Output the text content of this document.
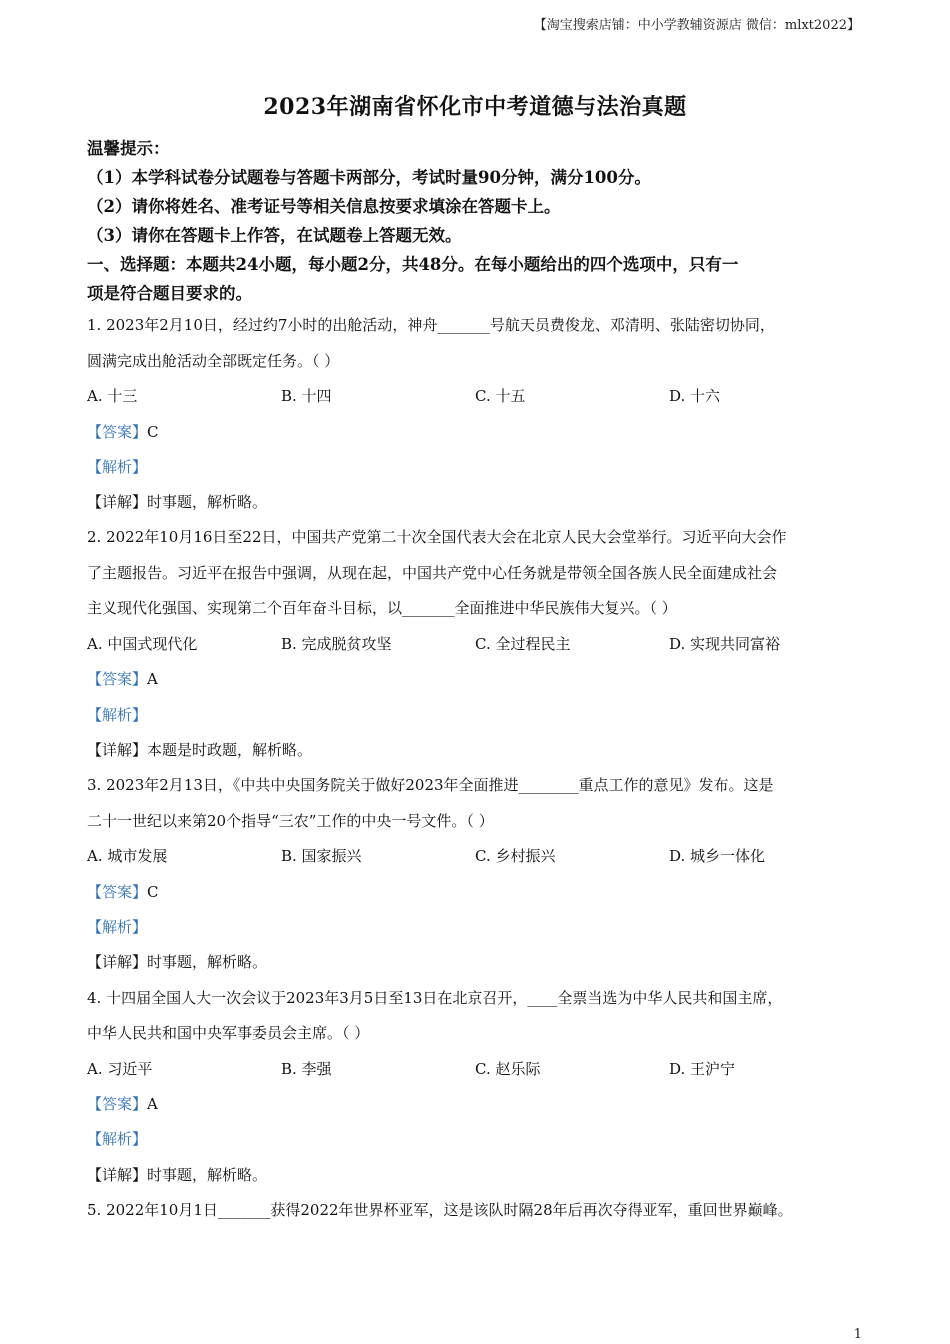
【淘宝搜索店铺：中小学教辅资源店 微信：mlxt2022】
2023年湖南省怀化市中考道德与法治真题
温馨提示：
（1）本学科试卷分试题卷与答题卡两部分，考试时量90分钟，满分100分。
（2）请你将姓名、准考证号等相关信息按要求填涂在答题卡上。
（3）请你在答题卡上作答，在试题卷上答题无效。
一、选择题：本题共24小题，每小题2分，共48分。在每小题给出的四个选项中，只有一
项是符合题目要求的。
1. 2023年2月10日，经过约7小时的出舱活动，神舟_______号航天员费俊龙、邓清明、张陆密切协同，
圆满完成出舱活动全部既定任务。（ ）
A. 十三	B. 十四	C. 十五	D. 十六
【答案】C
【解析】
【详解】时事题，解析略。
2. 2022年10月16日至22日，中国共产党第二十次全国代表大会在北京人民大会堂举行。习近平向大会作
了主题报告。习近平在报告中强调，从现在起，中国共产党中心任务就是带领全国各族人民全面建成社会
主义现代化强国、实现第二个百年奋斗目标，以_______全面推进中华民族伟大复兴。（ ）
A. 中国式现代化	B. 完成脱贫攻坚	C. 全过程民主	D. 实现共同富裕
【答案】A
【解析】
【详解】本题是时政题，解析略。
3. 2023年2月13日，《中共中央国务院关于做好2023年全面推进________重点工作的意见》发布。这是
二十一世纪以来第20个指导“三农”工作的中央一号文件。（ ）
A. 城市发展	B. 国家振兴	C. 乡村振兴	D. 城乡一体化
【答案】C
【解析】
【详解】时事题，解析略。
4. 十四届全国人大一次会议于2023年3月5日至13日在北京召开，____全票当选为中华人民共和国主席，
中华人民共和国中央军事委员会主席。（ ）
A. 习近平	B. 李强	C. 赵乐际	D. 王沪宁
【答案】A
【解析】
【详解】时事题，解析略。
5. 2022年10月1日_______获得2022年世界杯亚军，这是该队时隔28年后再次夺得亚军，重回世界巅峰。
1
